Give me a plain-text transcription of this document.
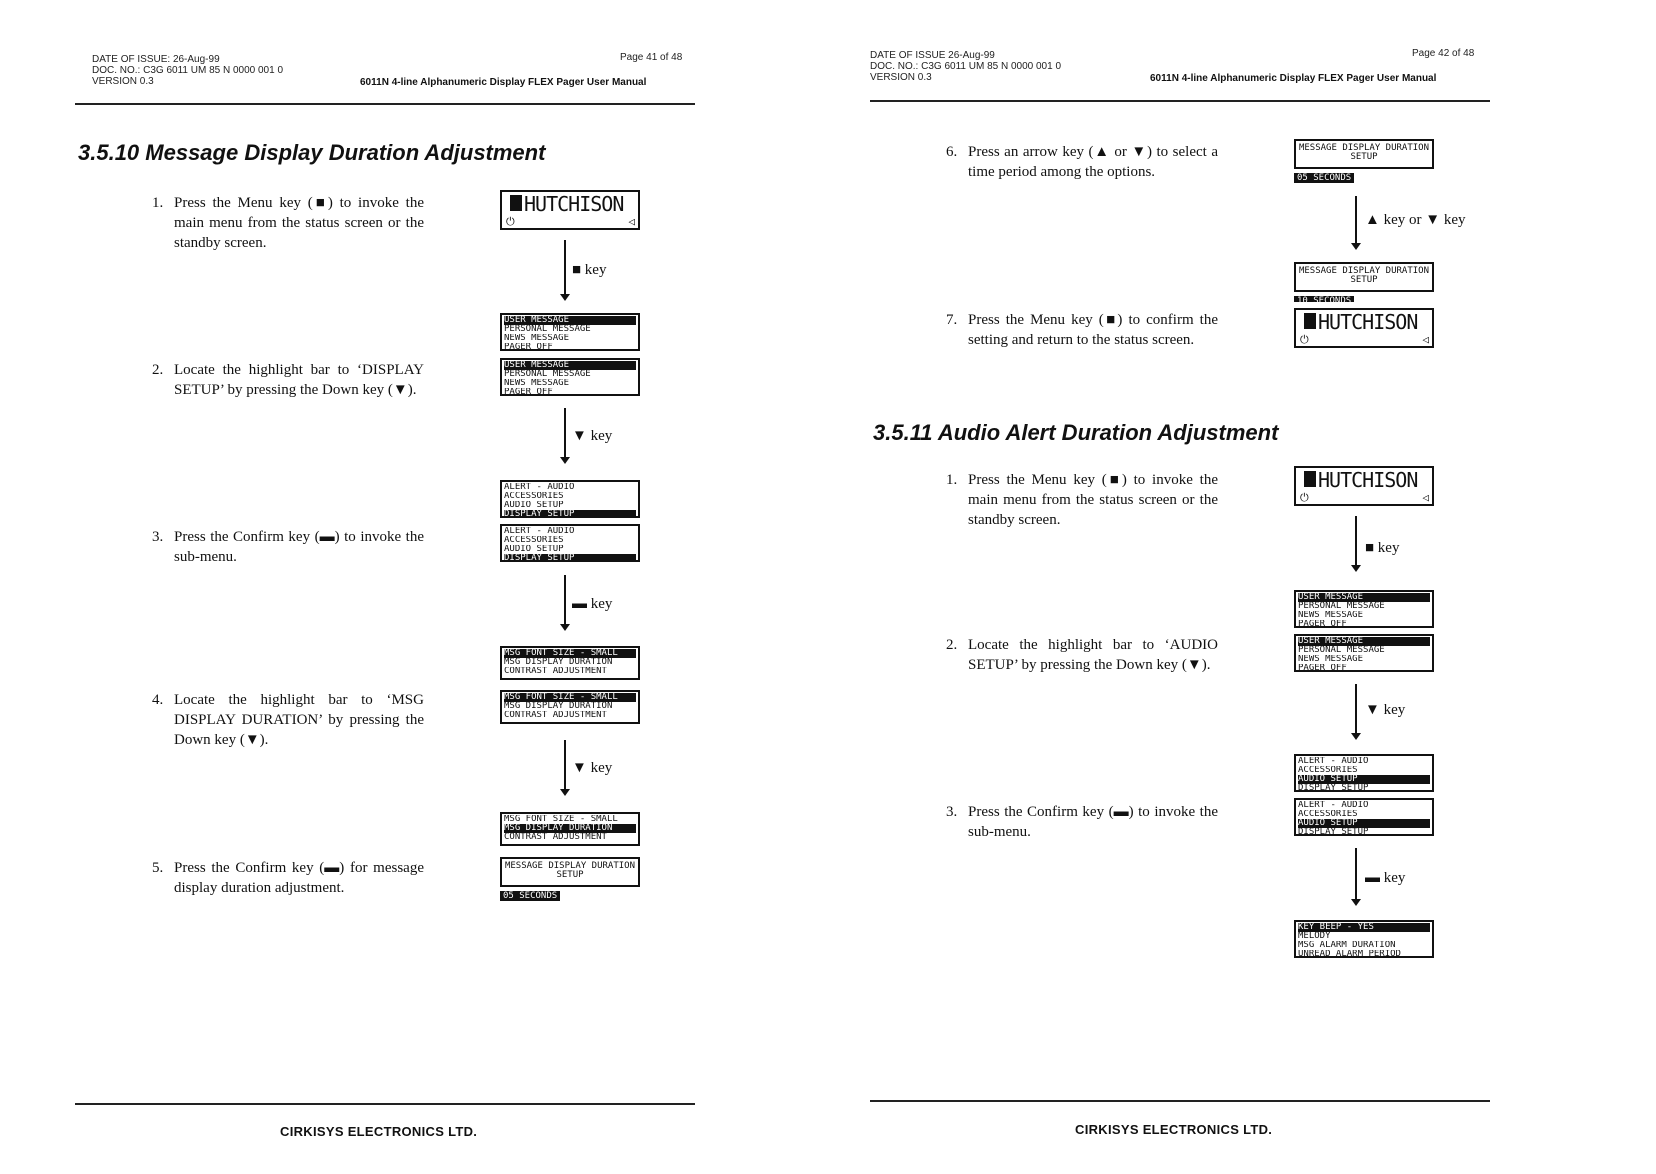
DATE OF ISSUE: 26-Aug-99
DOC. NO.: C3G 6011 UM 85 N 0000 001 0
VERSION 0.3
Page 41 of 48
6011N 4-line Alphanumeric Display FLEX Pager User Manual
3.5.10 Message Display Duration Adjustment
1. Press the Menu key (■) to invoke the main menu from the status screen or the standby screen.
2. Locate the highlight bar to ‘DISPLAY SETUP’ by pressing the Down key (▼).
3. Press the Confirm key (▬) to invoke the sub-menu.
4. Locate the highlight bar to ‘MSG DISPLAY DURATION’ by pressing the Down key (▼).
5. Press the Confirm key (▬) for message display duration adjustment.
HUTCHISON
⏻	◁
■ key
USER MESSAGE
PERSONAL MESSAGE
NEWS MESSAGE
PAGER OFF
USER MESSAGE
PERSONAL MESSAGE
NEWS MESSAGE
PAGER OFF
▼ key
ALERT - AUDIO
ACCESSORIES
AUDIO SETUP
DISPLAY SETUP
ALERT - AUDIO
ACCESSORIES
AUDIO SETUP
DISPLAY SETUP
▬ key
MSG FONT SIZE - SMALL
MSG DISPLAY DURATION
CONTRAST ADJUSTMENT
MSG FONT SIZE - SMALL
MSG DISPLAY DURATION
CONTRAST ADJUSTMENT
▼ key
MSG FONT SIZE - SMALL
MSG DISPLAY DURATION
CONTRAST ADJUSTMENT
MESSAGE DISPLAY DURATION SETUP
05 SECONDS
CIRKISYS ELECTRONICS LTD.
DATE OF ISSUE 26-Aug-99
DOC. NO.: C3G 6011 UM 85 N 0000 001 0
VERSION 0.3
Page 42 of 48
6011N 4-line Alphanumeric Display FLEX Pager User Manual
6. Press an arrow key (▲ or ▼) to select a time period among the options.
7. Press the Menu key (■) to confirm the setting and return to the status screen.
MESSAGE DISPLAY DURATION SETUP
05 SECONDS
▲ key or ▼ key
MESSAGE DISPLAY DURATION SETUP
10 SECONDS
HUTCHISON
⏻	◁
3.5.11 Audio Alert Duration Adjustment
1. Press the Menu key (■) to invoke the main menu from the status screen or the standby screen.
2. Locate the highlight bar to ‘AUDIO SETUP’ by pressing the Down key (▼).
3. Press the Confirm key (▬) to invoke the sub-menu.
HUTCHISON
⏻	◁
■ key
USER MESSAGE
PERSONAL MESSAGE
NEWS MESSAGE
PAGER OFF
USER MESSAGE
PERSONAL MESSAGE
NEWS MESSAGE
PAGER OFF
▼ key
ALERT - AUDIO
ACCESSORIES
AUDIO SETUP
DISPLAY SETUP
ALERT - AUDIO
ACCESSORIES
AUDIO SETUP
DISPLAY SETUP
▬ key
KEY BEEP - YES
MELODY
MSG ALARM DURATION
UNREAD ALARM PERIOD
CIRKISYS ELECTRONICS LTD.
